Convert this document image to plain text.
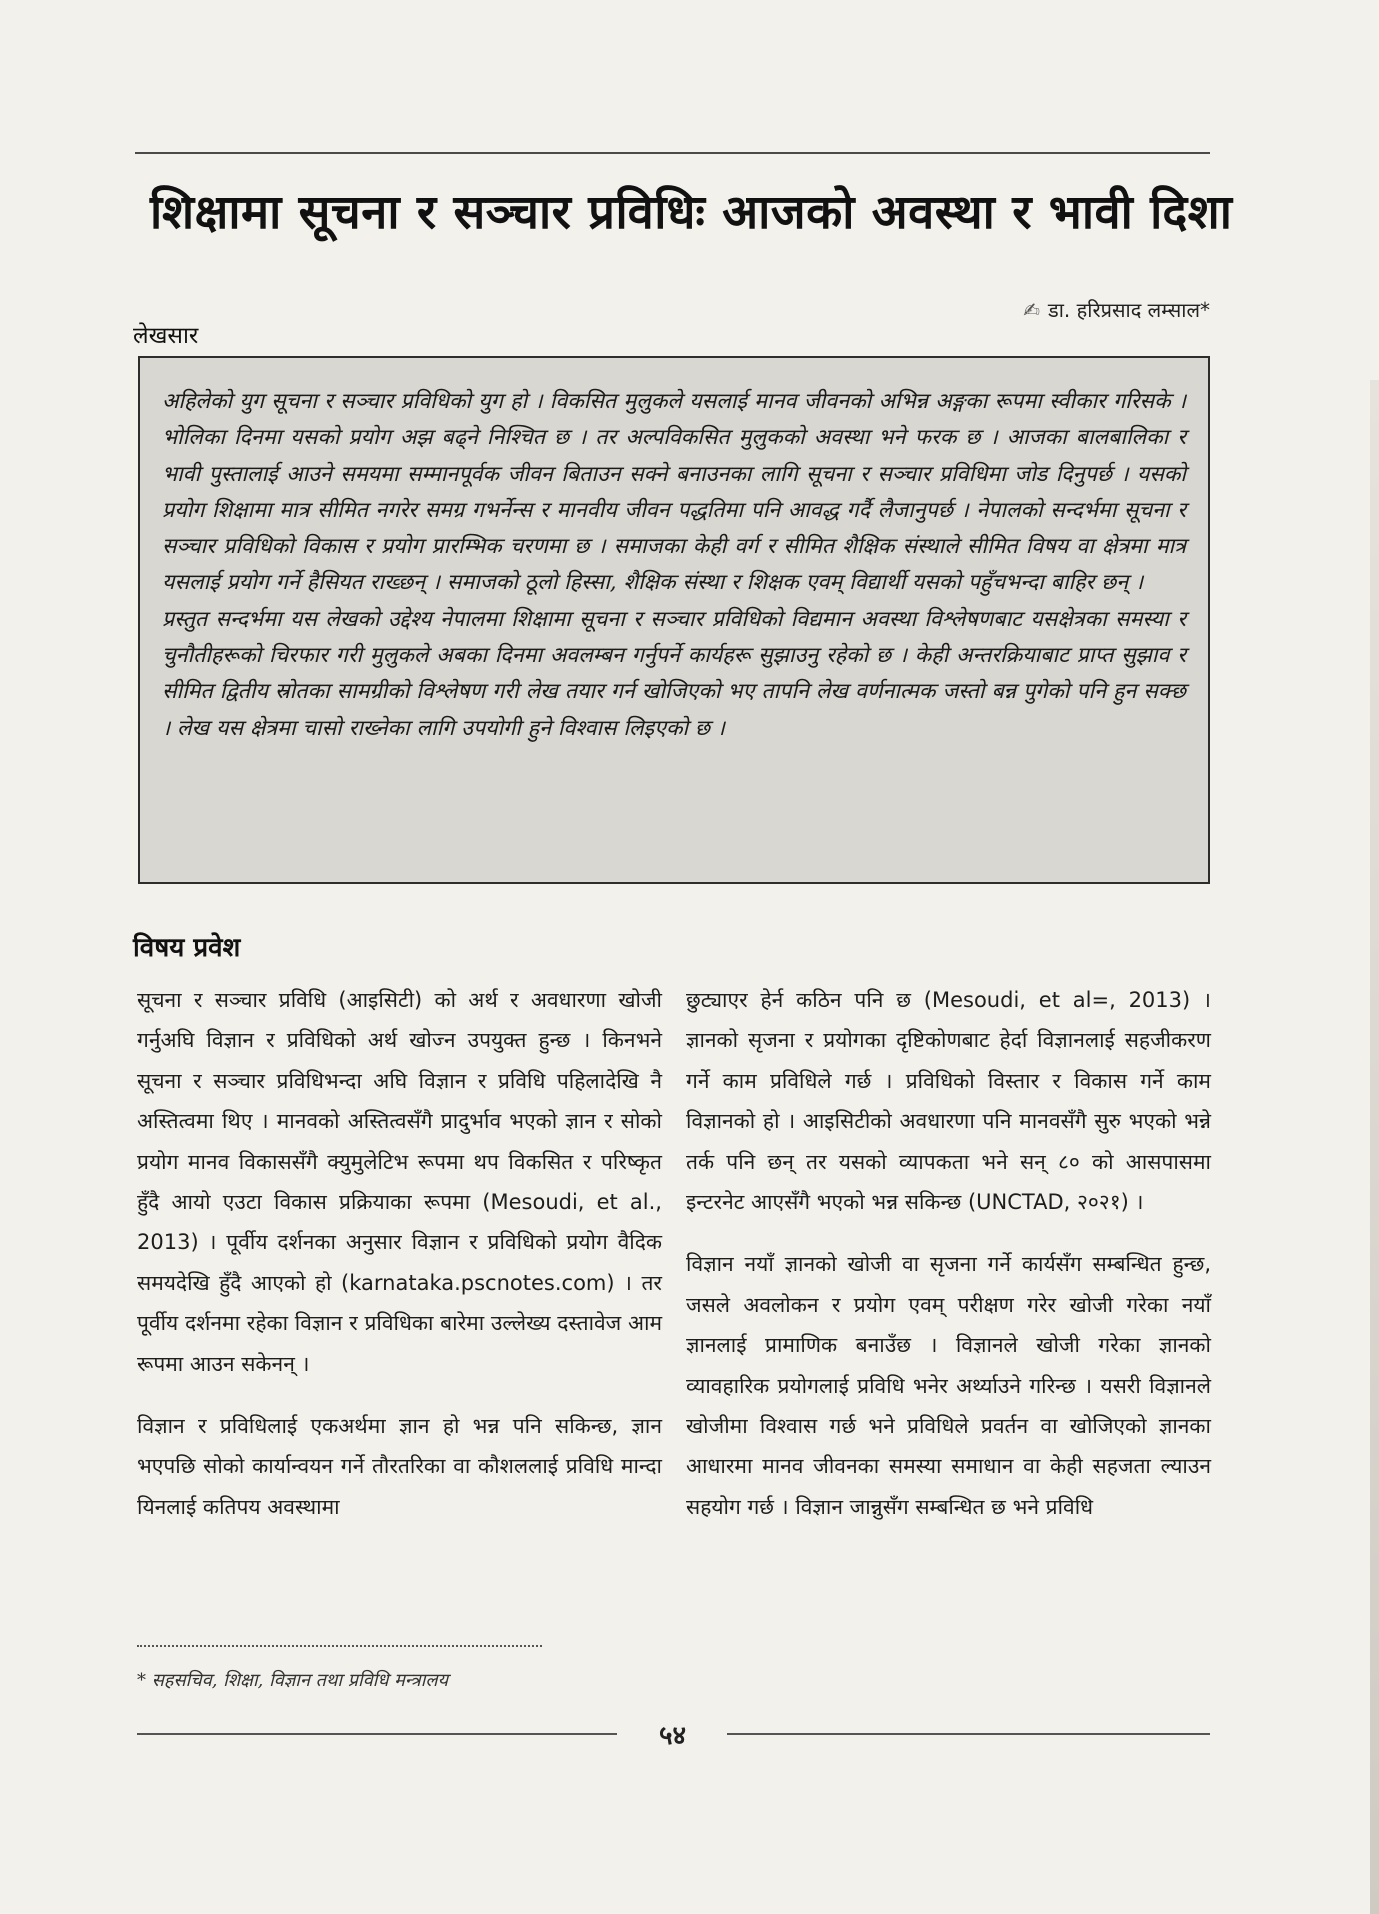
शिक्षामा सूचना र सञ्चार प्रविधिः आजको अवस्था र भावी दिशा
✍ डा. हरिप्रसाद लम्साल*
लेखसार

अहिलेको युग सूचना र सञ्चार प्रविधिको युग हो । विकसित मुलुकले यसलाई मानव जीवनको अभिन्न अङ्गका रूपमा स्वीकार गरिसके । भोलिका दिनमा यसको प्रयोग अझ बढ्ने निश्चित छ । तर अल्पविकसित मुलुकको अवस्था भने फरक छ । आजका बालबालिका र भावी पुस्तालाई आउने समयमा सम्मानपूर्वक जीवन बिताउन सक्ने बनाउनका लागि सूचना र सञ्चार प्रविधिमा जोड दिनुपर्छ । यसको प्रयोग शिक्षामा मात्र सीमित नगरेर समग्र गभर्नेन्स र मानवीय जीवन पद्धतिमा पनि आवद्ध गर्दै लैजानुपर्छ । नेपालको सन्दर्भमा सूचना र सञ्चार प्रविधिको विकास र प्रयोग प्रारम्भिक चरणमा छ । समाजका केही वर्ग र सीमित शैक्षिक संस्थाले सीमित विषय वा क्षेत्रमा मात्र यसलाई प्रयोग गर्ने हैसियत राख्छन् । समाजको ठूलो हिस्सा, शैक्षिक संस्था र शिक्षक एवम् विद्यार्थी यसको पहुँचभन्दा बाहिर छन् ।

प्रस्तुत सन्दर्भमा यस लेखको उद्देश्य नेपालमा शिक्षामा सूचना र सञ्चार प्रविधिको विद्यमान अवस्था विश्लेषणबाट यसक्षेत्रका समस्या र चुनौतीहरूको चिरफार गरी मुलुकले अबका दिनमा अवलम्बन गर्नुपर्ने कार्यहरू सुझाउनु रहेको छ । केही अन्तरक्रियाबाट प्राप्त सुझाव र सीमित द्वितीय स्रोतका सामग्रीको विश्लेषण गरी लेख तयार गर्न खोजिएको भए तापनि लेख वर्णनात्मक जस्तो बन्न पुगेको पनि हुन सक्छ । लेख यस क्षेत्रमा चासो राख्नेका लागि उपयोगी हुने विश्वास लिइएको छ ।

विषय प्रवेश

सूचना र सञ्चार प्रविधि (आइसिटी) को अर्थ र अवधारणा खोजी गर्नुअघि विज्ञान र प्रविधिको अर्थ खोज्न उपयुक्त हुन्छ । किनभने सूचना र सञ्चार प्रविधिभन्दा अघि विज्ञान र प्रविधि पहिलादेखि नै अस्तित्वमा थिए । मानवको अस्तित्वसँगै प्रादुर्भाव भएको ज्ञान र सोको प्रयोग मानव विकाससँगै क्युमुलेटिभ रूपमा थप विकसित र परिष्कृत हुँदै आयो एउटा विकास प्रक्रियाका रूपमा (Mesoudi, et al., 2013) । पूर्वीय दर्शनका अनुसार विज्ञान र प्रविधिको प्रयोग वैदिक समयदेखि हुँदै आएको हो (karnataka.pscnotes.com) । तर पूर्वीय दर्शनमा रहेका विज्ञान र प्रविधिका बारेमा उल्लेख्य दस्तावेज आम रूपमा आउन सकेनन् ।

विज्ञान र प्रविधिलाई एकअर्थमा ज्ञान हो भन्न पनि सकिन्छ, ज्ञान भएपछि सोको कार्यान्वयन गर्ने तौरतरिका वा कौशललाई प्रविधि मान्दा यिनलाई कतिपय अवस्थामा

छुट्याएर हेर्न कठिन पनि छ (Mesoudi, et al=, 2013) । ज्ञानको सृजना र प्रयोगका दृष्टिकोणबाट हेर्दा विज्ञानलाई सहजीकरण गर्ने काम प्रविधिले गर्छ । प्रविधिको विस्तार र विकास गर्ने काम विज्ञानको हो । आइसिटीको अवधारणा पनि मानवसँगै सुरु भएको भन्ने तर्क पनि छन् तर यसको व्यापकता भने सन् ८० को आसपासमा इन्टरनेट आएसँगै भएको भन्न सकिन्छ (UNCTAD, २०२१) ।

विज्ञान नयाँ ज्ञानको खोजी वा सृजना गर्ने कार्यसँग सम्बन्धित हुन्छ, जसले अवलोकन र प्रयोग एवम् परीक्षण गरेर खोजी गरेका नयाँ ज्ञानलाई प्रामाणिक बनाउँछ । विज्ञानले खोजी गरेका ज्ञानको व्यावहारिक प्रयोगलाई प्रविधि भनेर अर्थ्याउने गरिन्छ । यसरी विज्ञानले खोजीमा विश्वास गर्छ भने प्रविधिले प्रवर्तन वा खोजिएको ज्ञानका आधारमा मानव जीवनका समस्या समाधान वा केही सहजता ल्याउन सहयोग गर्छ । विज्ञान जान्नुसँग सम्बन्धित छ भने प्रविधि

* सहसचिव, शिक्षा, विज्ञान तथा प्रविधि मन्त्रालय
५४
